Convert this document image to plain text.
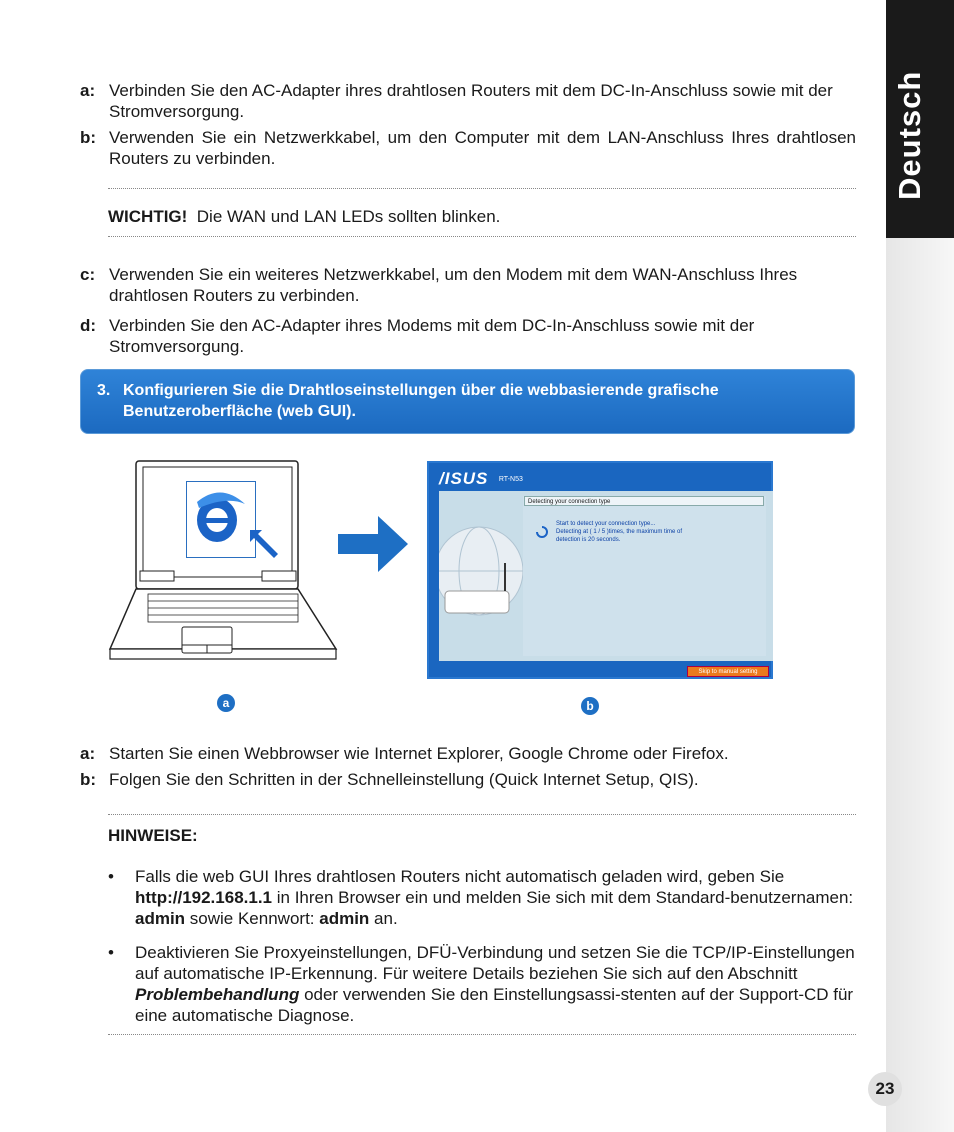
a: Verbinden Sie den AC-Adapter ihres drahtlosen Routers mit dem DC-In-Anschluss sowie mit der Stromversorgung.
b: Verwenden Sie ein Netzwerkkabel, um den Computer mit dem LAN-Anschluss Ihres drahtlosen Routers zu verbinden.
WICHTIG! Die WAN und LAN LEDs sollten blinken.
c: Verwenden Sie ein weiteres Netzwerkkabel, um den Modem mit dem WAN-Anschluss Ihres drahtlosen Routers zu verbinden.
d: Verbinden Sie den AC-Adapter ihres Modems mit dem DC-In-Anschluss sowie mit der Stromversorgung.
3. Konfigurieren Sie die Drahtloseinstellungen über die webbasierende grafische Benutzeroberfläche (web GUI).
/ISUS RT-N53
Detecting your connection type
Start to detect your connection type...
Detecting at ( 1 / 5 )times, the maximum time of
detection is 20 seconds.
Skip to manual setting
a	b
a: Starten Sie einen Webbrowser wie Internet Explorer, Google Chrome oder Firefox.
b: Folgen Sie den Schritten in der Schnelleinstellung (Quick Internet Setup, QIS).
HINWEISE:
• Falls die web GUI Ihres drahtlosen Routers nicht automatisch geladen wird, geben Sie http://192.168.1.1 in Ihren Browser ein und melden Sie sich mit dem Standard-benutzernamen: admin sowie Kennwort: admin an.
• Deaktivieren Sie Proxyeinstellungen, DFÜ-Verbindung und setzen Sie die TCP/IP-Einstellungen auf automatische IP-Erkennung. Für weitere Details beziehen Sie sich auf den Abschnitt Problembehandlung oder verwenden Sie den Einstellungsassi-stenten auf der Support-CD für eine automatische Diagnose.
23
